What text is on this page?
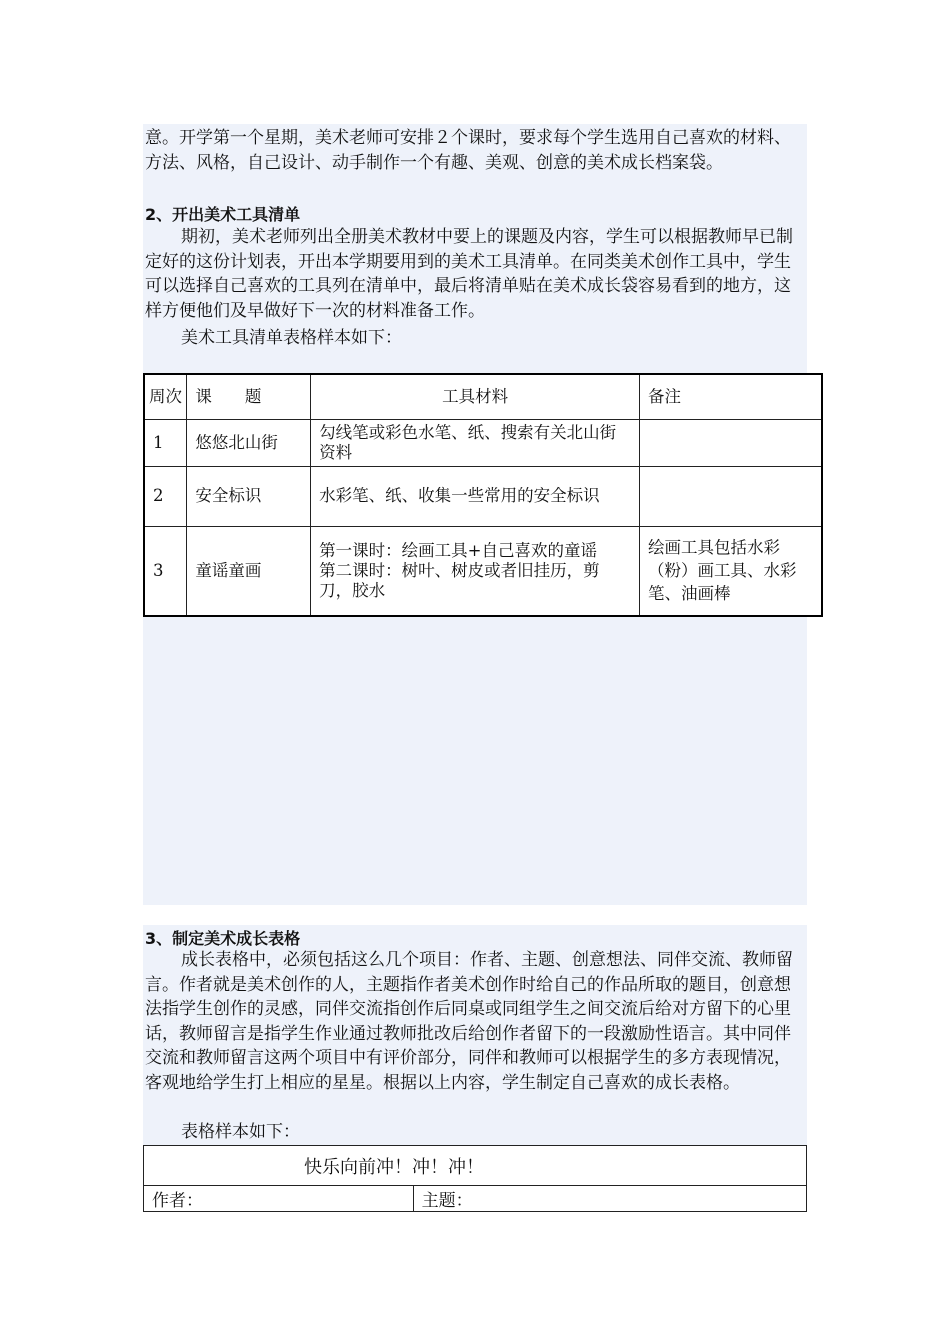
意。开学第一个星期，美术老师可安排２个课时，要求每个学生选用自己喜欢的材料、方法、风格，自己设计、动手制作一个有趣、美观、创意的美术成长档案袋。

2、开出美术工具清单

期初，美术老师列出全册美术教材中要上的课题及内容，学生可以根据教师早已制定好的这份计划表，开出本学期要用到的美术工具清单。在同类美术创作工具中，学生可以选择自己喜欢的工具列在清单中，最后将清单贴在美术成长袋容易看到的地方，这样方便他们及早做好下一次的材料准备工作。

美术工具清单表格样本如下：

周次	课　　题	工具材料	备注
1	悠悠北山街	勾线笔或彩色水笔、纸、搜索有关北山街资料	
2	安全标识	水彩笔、纸、收集一些常用的安全标识	
3	童谣童画	第一课时：绘画工具+自己喜欢的童谣
第二课时：树叶、树皮或者旧挂历，剪刀，胶水	绘画工具包括水彩（粉）画工具、水彩笔、油画棒
3、制定美术成长表格

成长表格中，必须包括这么几个项目：作者、主题、创意想法、同伴交流、教师留言。作者就是美术创作的人，主题指作者美术创作时给自己的作品所取的题目，创意想法指学生创作的灵感，同伴交流指创作后同桌或同组学生之间交流后给对方留下的心里话，教师留言是指学生作业通过教师批改后给创作者留下的一段激励性语言。其中同伴交流和教师留言这两个项目中有评价部分，同伴和教师可以根据学生的多方表现情况，客观地给学生打上相应的星星。根据以上内容，学生制定自己喜欢的成长表格。

表格样本如下：

快乐向前冲！冲！冲！
作者：	主题：
